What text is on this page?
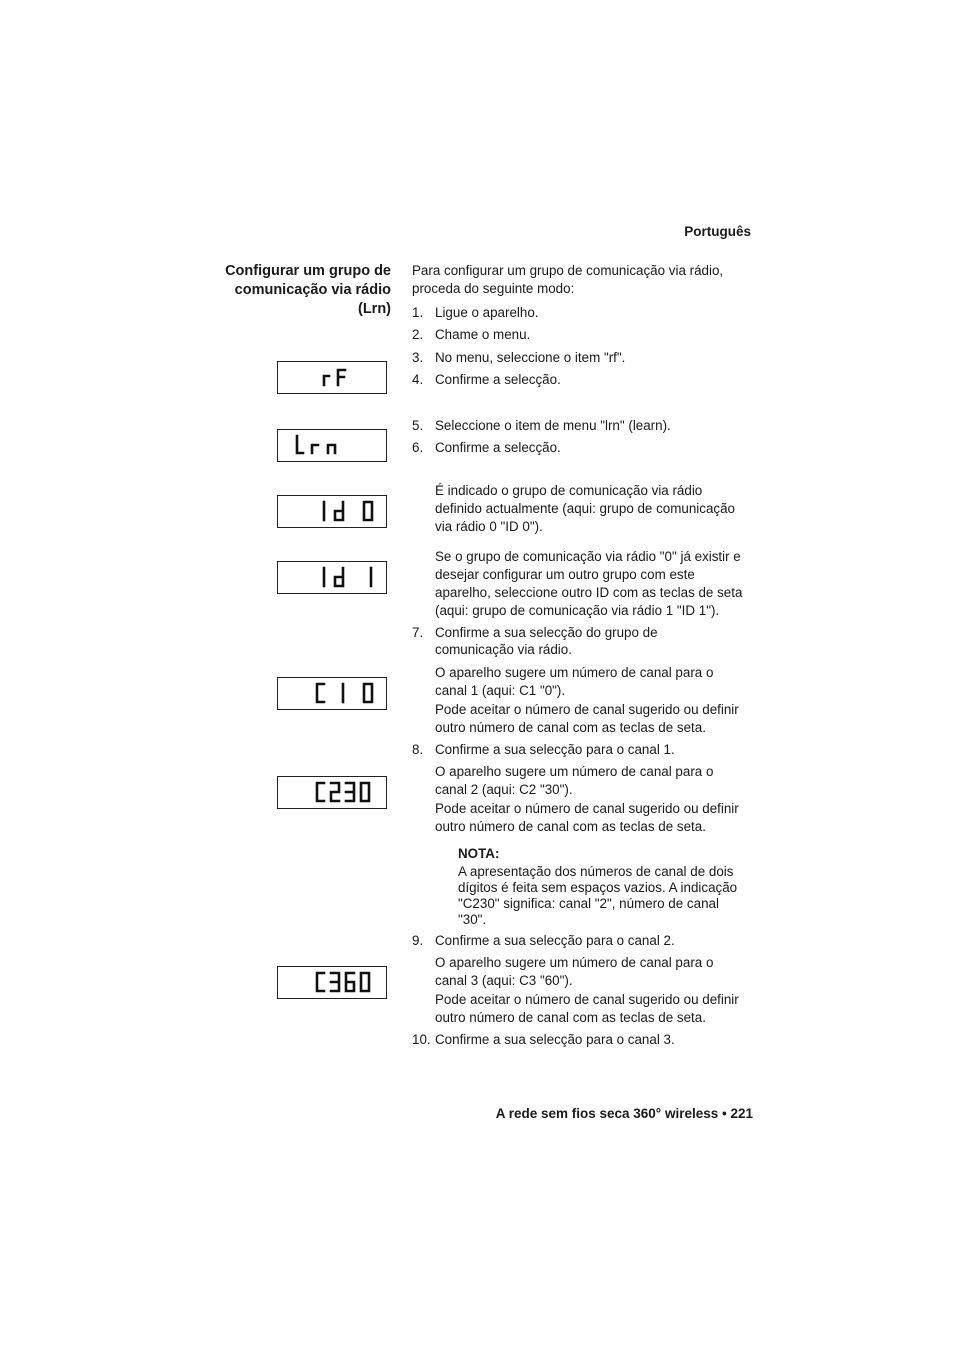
Português
Configurar um grupo de
comunicação via rádio
(Lrn)
Para configurar um grupo de comunicação via rádio,
proceda do seguinte modo:
1. Ligue o aparelho.
2. Chame o menu.
3. No menu, seleccione o item "rf".
4. Confirme a selecção.
5. Seleccione o item de menu "lrn" (learn).
6. Confirme a selecção.
É indicado o grupo de comunicação via rádio
definido actualmente (aqui: grupo de comunicação
via rádio 0 "ID 0").
Se o grupo de comunicação via rádio "0" já existir e
desejar configurar um outro grupo com este
aparelho, seleccione outro ID com as teclas de seta
(aqui: grupo de comunicação via rádio 1 "ID 1").
7. Confirme a sua selecção do grupo de
comunicação via rádio.
O aparelho sugere um número de canal para o
canal 1 (aqui: C1 "0").
Pode aceitar o número de canal sugerido ou definir
outro número de canal com as teclas de seta.
8. Confirme a sua selecção para o canal 1.
O aparelho sugere um número de canal para o
canal 2 (aqui: C2 "30").
Pode aceitar o número de canal sugerido ou definir
outro número de canal com as teclas de seta.
NOTA:
A apresentação dos números de canal de dois
dígitos é feita sem espaços vazios. A indicação
"C230" significa: canal "2", número de canal
"30".
9. Confirme a sua selecção para o canal 2.
O aparelho sugere um número de canal para o
canal 3 (aqui: C3 "60").
Pode aceitar o número de canal sugerido ou definir
outro número de canal com as teclas de seta.
10. Confirme a sua selecção para o canal 3.
A rede sem fios seca 360° wireless • 221
